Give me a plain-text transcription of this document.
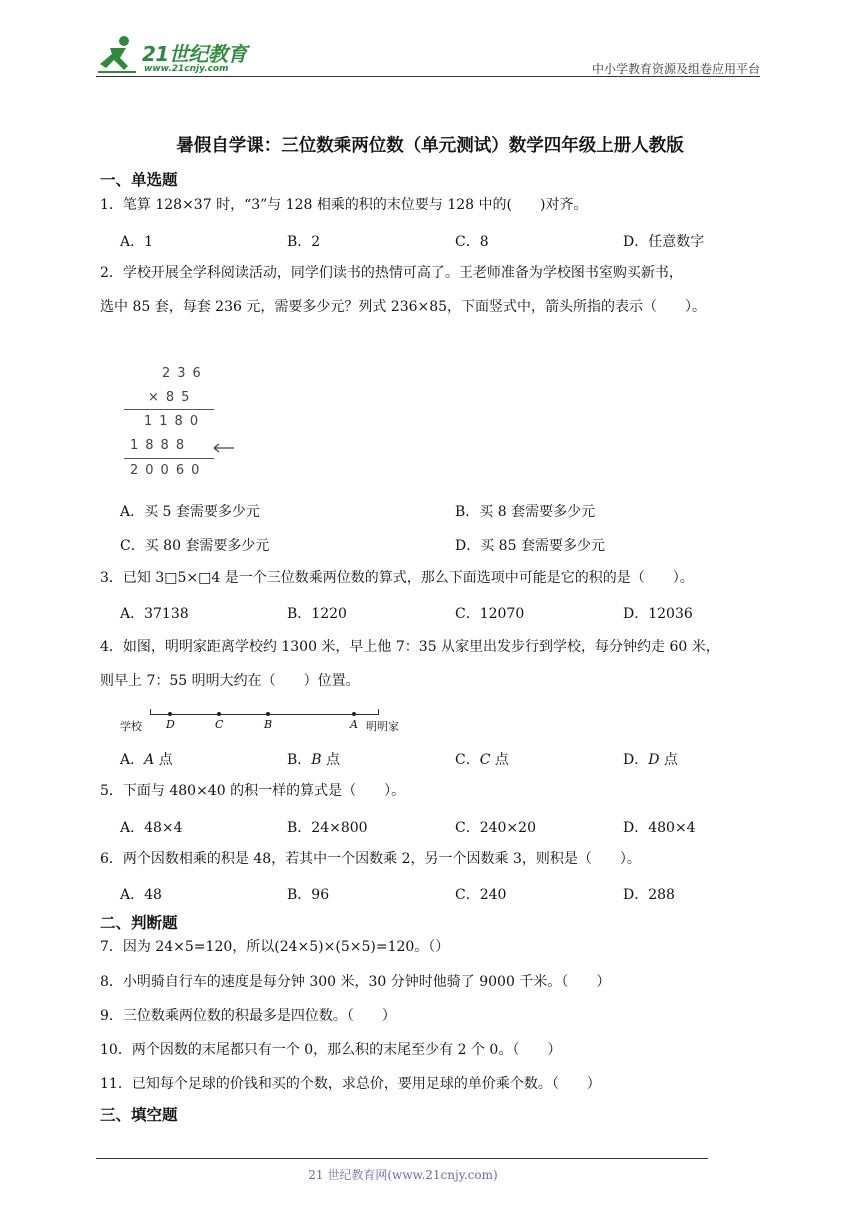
21世纪教育
www.21cnjy.com	中小学教育资源及组卷应用平台
暑假自学课：三位数乘两位数（单元测试）数学四年级上册人教版
一、单选题
1．笔算 128×37 时，“3”与 128 相乘的积的末位要与 128 中的(　　)对齐。
A．1	B．2	C．8	D．任意数字
2．学校开展全学科阅读活动，同学们读书的热情可高了。王老师准备为学校图书室购买新书，
选中 85 套，每套 236 元，需要多少元？列式 236×85，下面竖式中，箭头所指的表示（　　）。
236
×85
1180
1888
20060
A．买 5 套需要多少元	B．买 8 套需要多少元
C．买 80 套需要多少元	D．买 85 套需要多少元
3．已知 3□5×□4 是一个三位数乘两位数的算式，那么下面选项中可能是它的积的是（　　）。
A．37138	B．1220	C．12070	D．12036
4．如图，明明家距离学校约 1300 米，早上他 7：35 从家里出发步行到学校，每分钟约走 60 米，
则早上 7：55 明明大约在（　　）位置。
学校 D	C	B	A 明明家
A．A 点	B．B 点	C．C 点	D．D 点
5．下面与 480×40 的积一样的算式是（　　）。
A．48×4	B．24×800	C．240×20	D．480×4
6．两个因数相乘的积是 48，若其中一个因数乘 2，另一个因数乘 3，则积是（　　）。
A．48	B．96	C．240	D．288
二、判断题
7．因为 24×5=120，所以(24×5)×(5×5)=120。（）
8．小明骑自行车的速度是每分钟 300 米，30 分钟时他骑了 9000 千米。（　　）
9．三位数乘两位数的积最多是四位数。（　　）
10．两个因数的末尾都只有一个 0，那么积的末尾至少有 2 个 0。（　　）
11．已知每个足球的价钱和买的个数，求总价，要用足球的单价乘个数。（　　）
三、填空题
21 世纪教育网(www.21cnjy.com)
